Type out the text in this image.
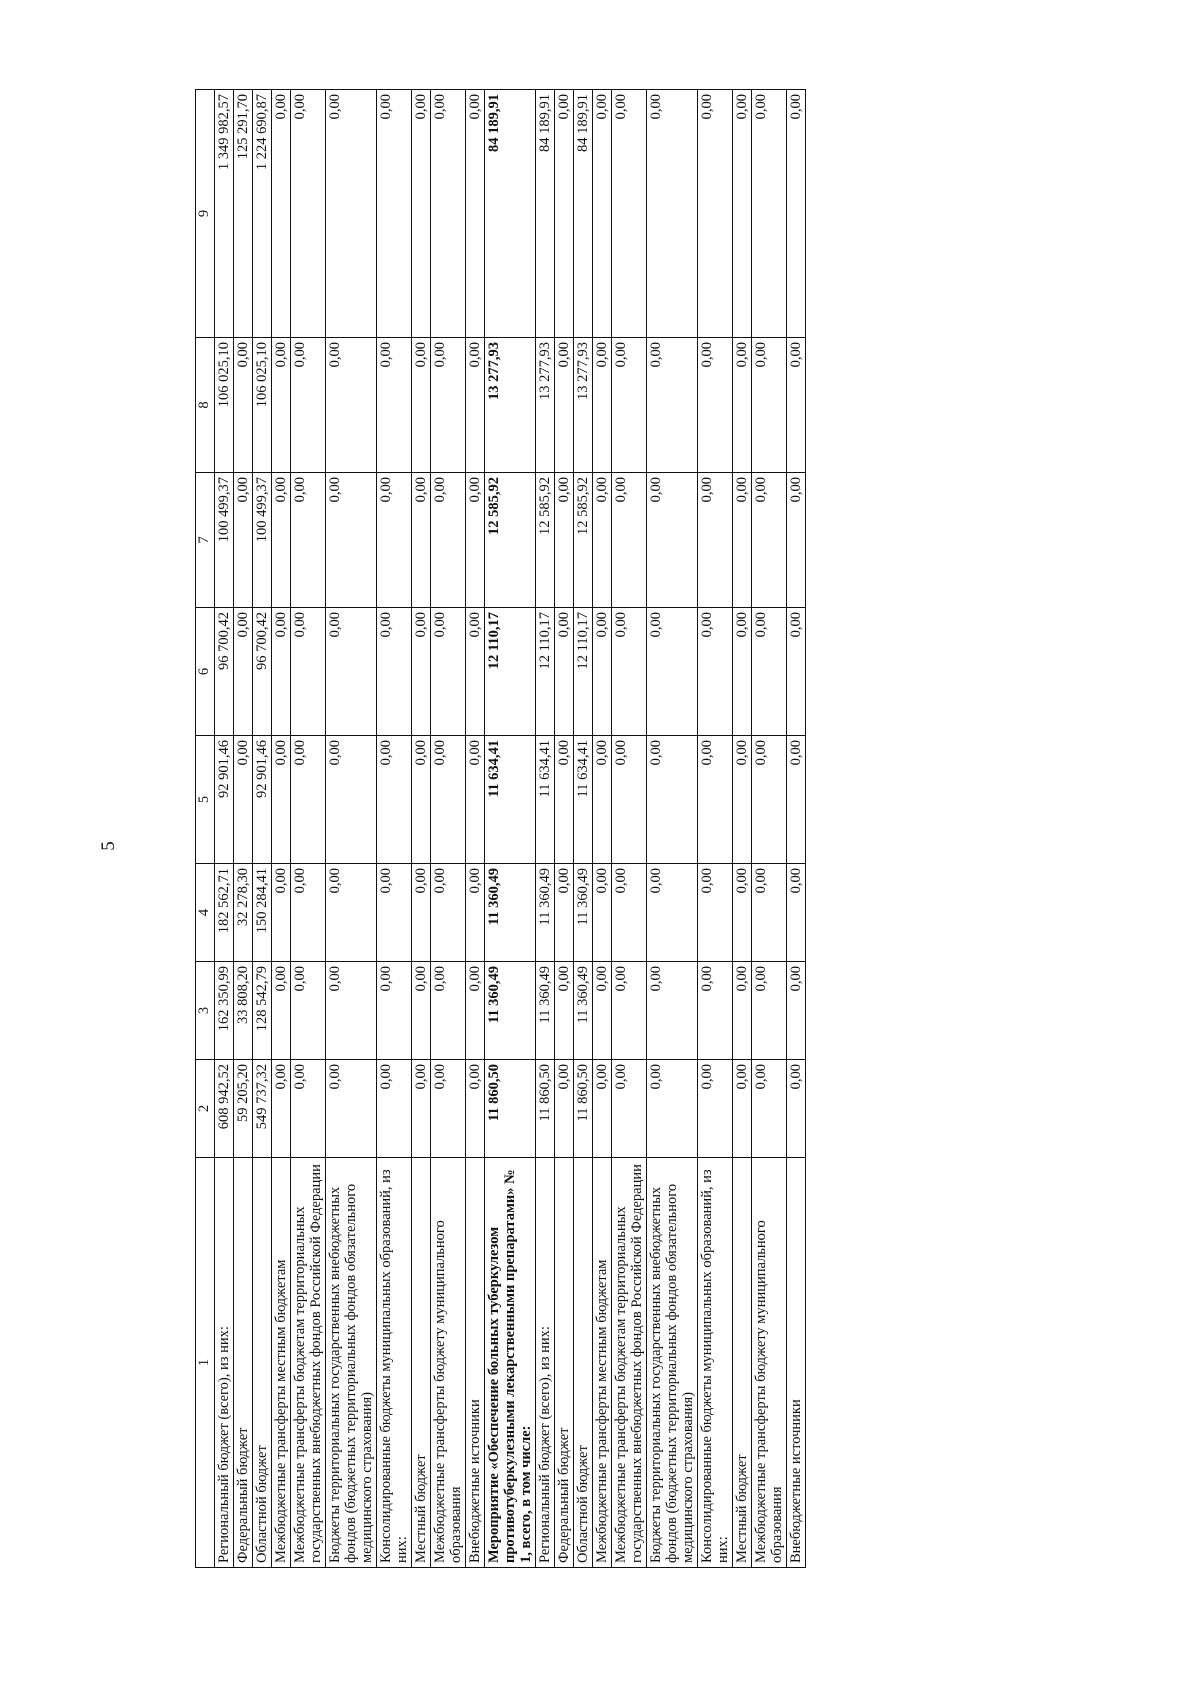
5
1	2	3	4	5	6	7	8	9
Региональный бюджет (всего), из них:	608 942,52	162 350,99	182 562,71	92 901,46	96 700,42	100 499,37	106 025,10	1 349 982,57
Федеральный бюджет	59 205,20	33 808,20	32 278,30	0,00	0,00	0,00	0,00	125 291,70
Областной бюджет	549 737,32	128 542,79	150 284,41	92 901,46	96 700,42	100 499,37	106 025,10	1 224 690,87
Межбюджетные трансферты местным бюджетам	0,00	0,00	0,00	0,00	0,00	0,00	0,00	0,00
Межбюджетные трансферты бюджетам территориальных государственных внебюджетных фондов Российской Федерации	0,00	0,00	0,00	0,00	0,00	0,00	0,00	0,00
Бюджеты территориальных государственных внебюджетных фондов (бюджетных территориальных фондов обязательного медицинского страхования)	0,00	0,00	0,00	0,00	0,00	0,00	0,00	0,00
Консолидированные бюджеты муниципальных образований, из них:	0,00	0,00	0,00	0,00	0,00	0,00	0,00	0,00
Местный бюджет	0,00	0,00	0,00	0,00	0,00	0,00	0,00	0,00
Межбюджетные трансферты бюджету муниципального образования	0,00	0,00	0,00	0,00	0,00	0,00	0,00	0,00
Внебюджетные источники	0,00	0,00	0,00	0,00	0,00	0,00	0,00	0,00
Мероприятие «Обеспечение больных туберкулезом противотуберкулезными лекарственными препаратами» № 1, всего, в том числе:	11 860,50	11 360,49	11 360,49	11 634,41	12 110,17	12 585,92	13 277,93	84 189,91
Региональный бюджет (всего), из них:	11 860,50	11 360,49	11 360,49	11 634,41	12 110,17	12 585,92	13 277,93	84 189,91
Федеральный бюджет	0,00	0,00	0,00	0,00	0,00	0,00	0,00	0,00
Областной бюджет	11 860,50	11 360,49	11 360,49	11 634,41	12 110,17	12 585,92	13 277,93	84 189,91
Межбюджетные трансферты местным бюджетам	0,00	0,00	0,00	0,00	0,00	0,00	0,00	0,00
Межбюджетные трансферты бюджетам территориальных государственных внебюджетных фондов Российской Федерации	0,00	0,00	0,00	0,00	0,00	0,00	0,00	0,00
Бюджеты территориальных государственных внебюджетных фондов (бюджетных территориальных фондов обязательного медицинского страхования)	0,00	0,00	0,00	0,00	0,00	0,00	0,00	0,00
Консолидированные бюджеты муниципальных образований, из них:	0,00	0,00	0,00	0,00	0,00	0,00	0,00	0,00
Местный бюджет	0,00	0,00	0,00	0,00	0,00	0,00	0,00	0,00
Межбюджетные трансферты бюджету муниципального образования	0,00	0,00	0,00	0,00	0,00	0,00	0,00	0,00
Внебюджетные источники	0,00	0,00	0,00	0,00	0,00	0,00	0,00	0,00
